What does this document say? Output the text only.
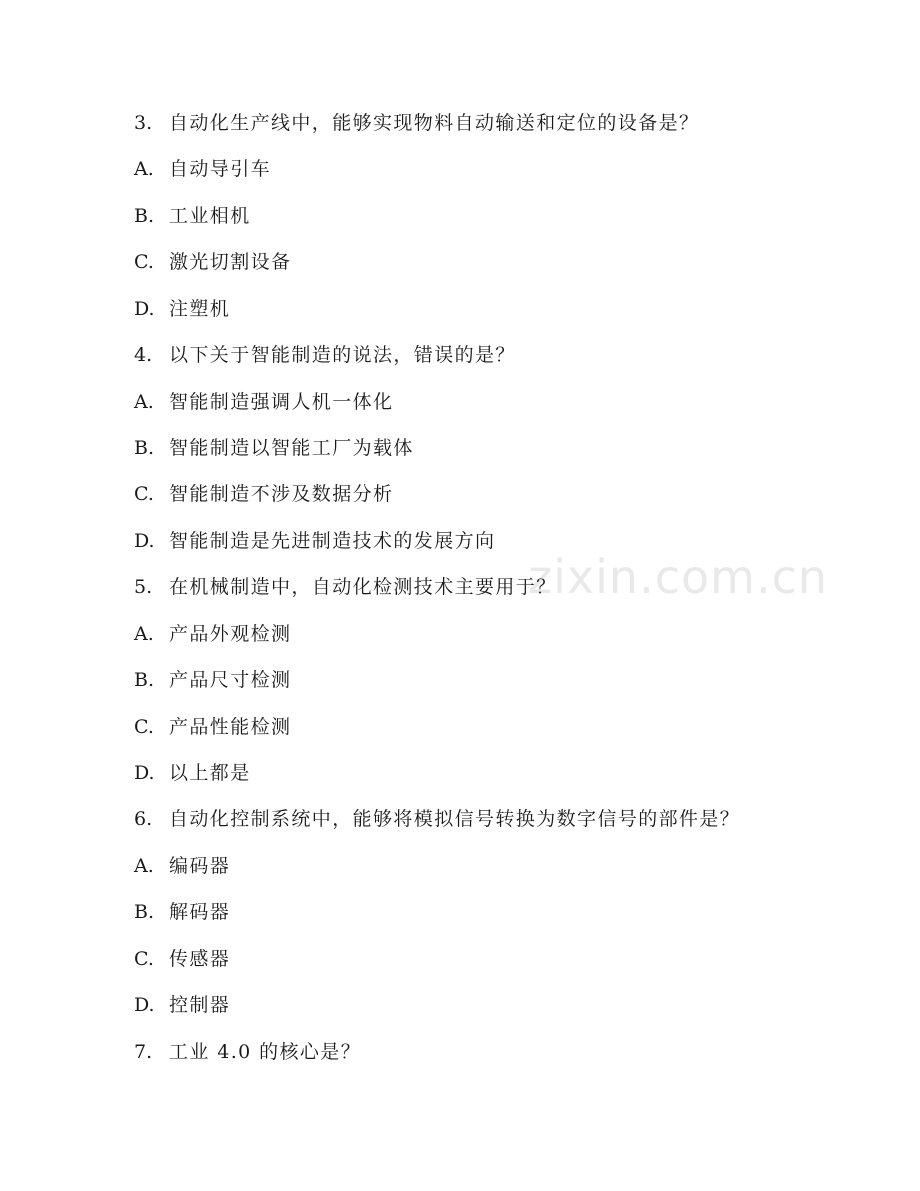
zixin.com.cn
3. 自动化生产线中，能够实现物料自动输送和定位的设备是？
A. 自动导引车
B. 工业相机
C. 激光切割设备
D. 注塑机
4. 以下关于智能制造的说法，错误的是？
A. 智能制造强调人机一体化
B. 智能制造以智能工厂为载体
C. 智能制造不涉及数据分析
D. 智能制造是先进制造技术的发展方向
5. 在机械制造中，自动化检测技术主要用于？
A. 产品外观检测
B. 产品尺寸检测
C. 产品性能检测
D. 以上都是
6. 自动化控制系统中，能够将模拟信号转换为数字信号的部件是？
A. 编码器
B. 解码器
C. 传感器
D. 控制器
7. 工业 4.0 的核心是？
